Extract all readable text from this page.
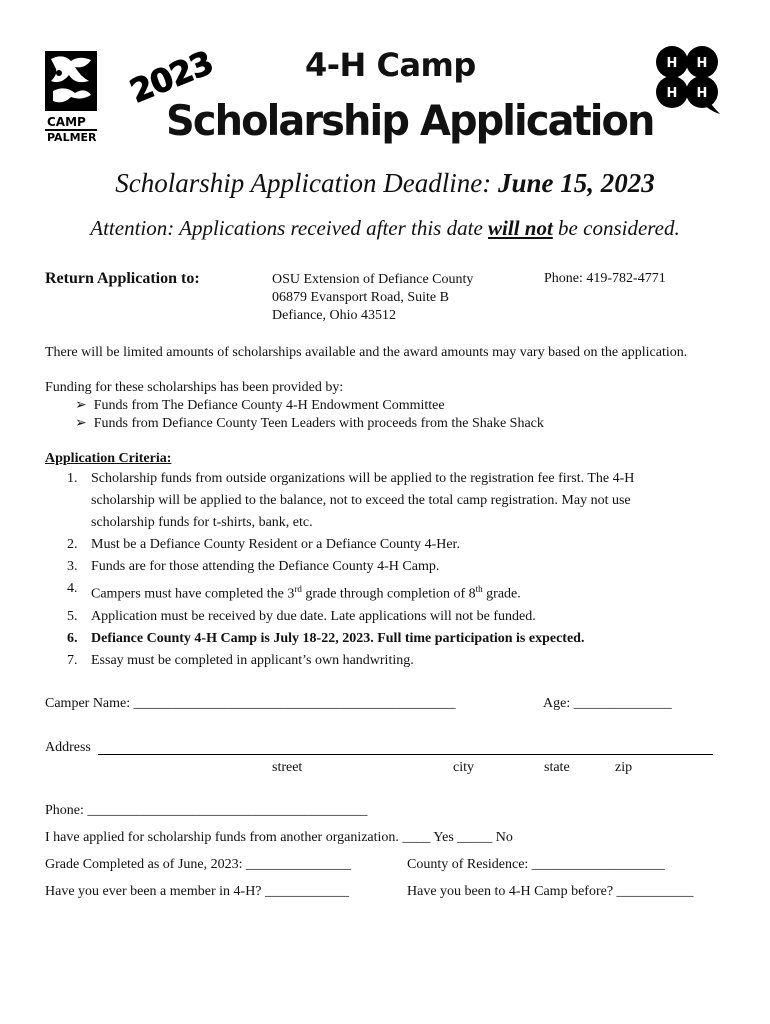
CAMP
PALMER
H H
H H
2023	4-H Camp
Scholarship Application
Scholarship Application Deadline: June 15, 2023
Attention: Applications received after this date will not be considered.
Return Application to:	OSU Extension of Defiance County
06879 Evansport Road, Suite B
Defiance, Ohio 43512
Phone: 419-782-4771
There will be limited amounts of scholarships available and the award amounts may vary based on the application.
Funding for these scholarships has been provided by:
➢ Funds from The Defiance County 4-H Endowment Committee
➢ Funds from Defiance County Teen Leaders with proceeds from the Shake Shack
Application Criteria:
1. Scholarship funds from outside organizations will be applied to the registration fee first. The 4-H
scholarship will be applied to the balance, not to exceed the total camp registration. May not use
scholarship funds for t-shirts, bank, etc.
2. Must be a Defiance County Resident or a Defiance County 4-Her.
3. Funds are for those attending the Defiance County 4-H Camp.
4. Campers must have completed the 3rd grade through completion of 8th grade.
5. Application must be received by due date. Late applications will not be funded.
6. Defiance County 4-H Camp is July 18-22, 2023. Full time participation is expected.
7. Essay must be completed in applicant’s own handwriting.
Camper Name: ______________________________________________	Age: ______________
Address
street	city	state	zip
Phone: ________________________________________
I have applied for scholarship funds from another organization. ____ Yes _____ No
Grade Completed as of June, 2023: _______________	County of Residence: ___________________
Have you ever been a member in 4-H? ____________	Have you been to 4-H Camp before? ___________
